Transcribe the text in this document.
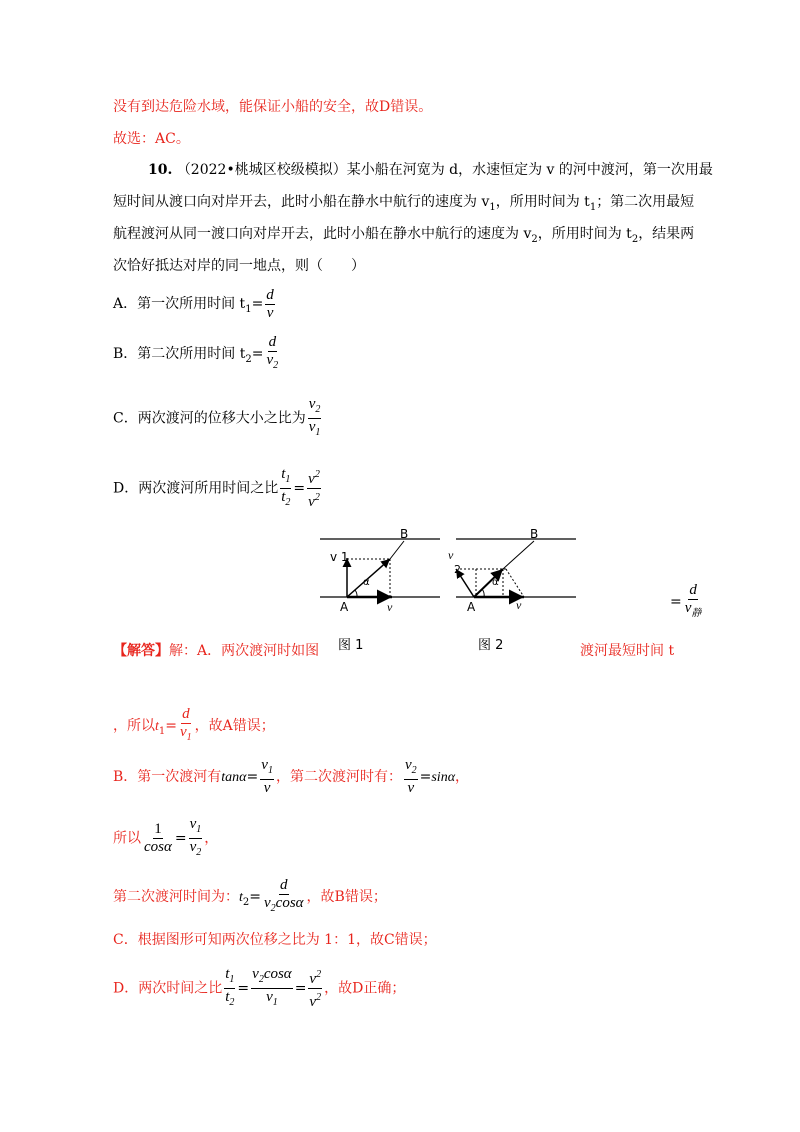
没有到达危险水域，能保证小船的安全，故D错误。
故选：AC。
10. （2022•桃城区校级模拟）某小船在河宽为 d，水速恒定为 v 的河中渡河，第一次用最
短时间从渡口向对岸开去，此时小船在静水中航行的速度为 $v_1$，所用时间为 $t_1$；第二次用最短
航程渡河从同一渡口向对岸开去，此时小船在静水中航行的速度为 $v_2$，所用时间为 $t_2$，结果两
次恰好抵达对岸的同一地点，则（　　）
A．第一次所用时间 $t_1= \frac{d}{v}$
B．第二次所用时间 $t_2= \frac{d}{v_2}$
C．两次渡河的位移大小之比为 $\frac{v_2}{v_1}$
D．两次渡河所用时间之比 $\frac{t_1}{t_2} = \frac{v^2}{v^2}$
v 1
B
A	v
α
图 1
v
2
B
A	v
α
图 2
= $\frac{d}{v_静}$
【解答】解：A．两次渡河时如图	渡河最短时间 t
，所以$t_1= \frac{d}{v_1}$ ，故A错误；
B．第一次渡河有$\tan\alpha= \frac{v_1}{v}$ ，第二次渡河时有： $\frac{v_2}{v} =\sin\alpha$，
所以 $\frac{1}{\cos\alpha} = \frac{v_1}{v_2}$ ，
第二次渡河时间为：$t_2= \frac{d}{v_2\cos\alpha}$ ，故B错误；
C．根据图形可知两次位移之比为 1：1，故C错误；
D．两次时间之比 $\frac{t_1}{t_2} = \frac{v_2\cos\alpha}{v_1} = \frac{v^2}{v^2}$ ，故D正确；
